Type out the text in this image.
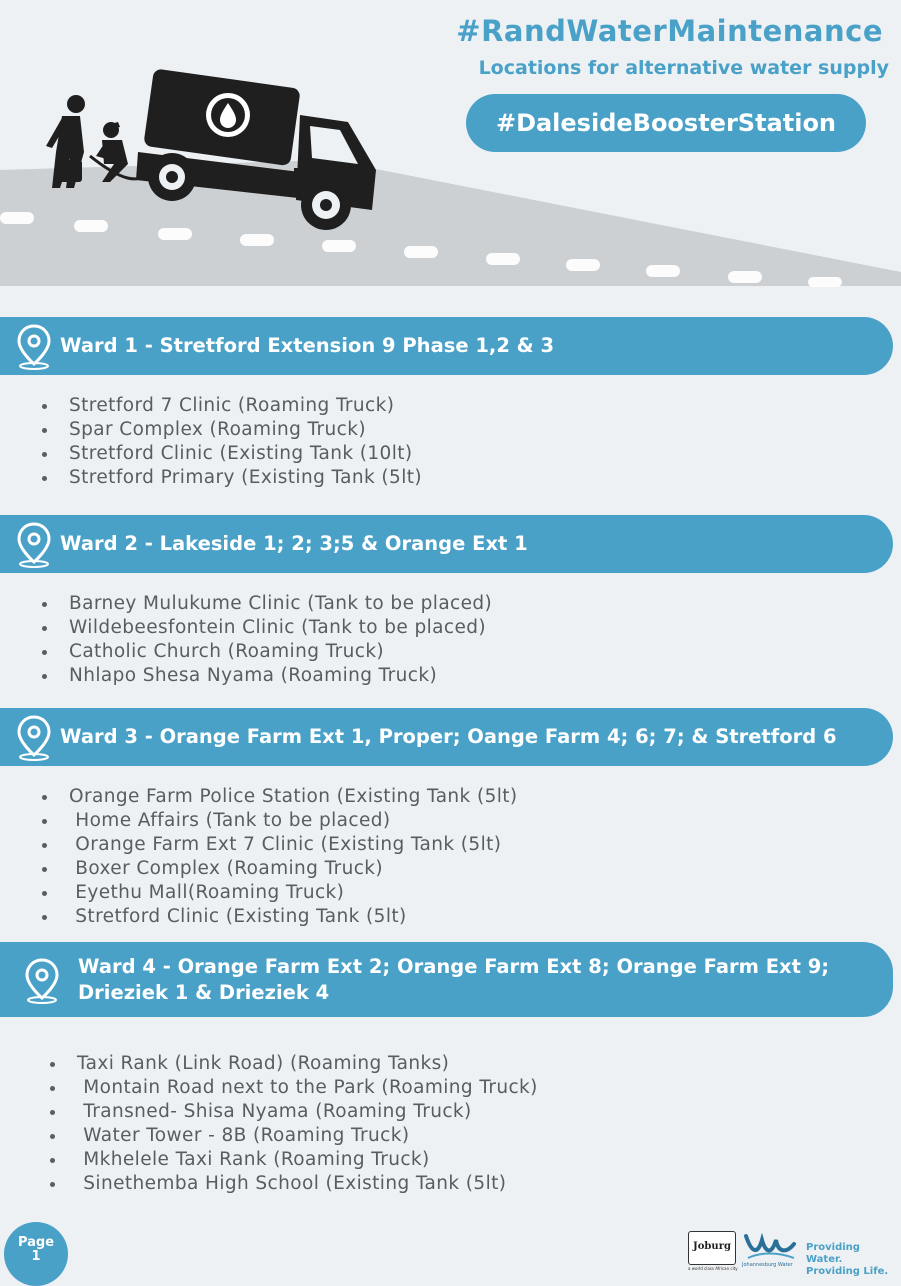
#RandWaterMaintenance
Locations for alternative water supply
#DalesideBoosterStation
Ward 1 - Stretford Extension 9 Phase 1,2 & 3
Stretford 7 Clinic (Roaming Truck)
Spar Complex (Roaming Truck)
Stretford Clinic (Existing Tank (10lt)
Stretford Primary (Existing Tank (5lt)
Ward 2 - Lakeside 1; 2; 3;5 & Orange Ext 1
Barney Mulukume Clinic (Tank to be placed)
Wildebeesfontein Clinic (Tank to be placed)
Catholic Church (Roaming Truck)
Nhlapo Shesa Nyama (Roaming Truck)
Ward 3 - Orange Farm Ext 1, Proper; Oange Farm 4; 6; 7; & Stretford 6
Orange Farm Police Station (Existing Tank (5lt)
Home Affairs (Tank to be placed)
Orange Farm Ext 7 Clinic (Existing Tank (5lt)
Boxer Complex (Roaming Truck)
Eyethu Mall(Roaming Truck)
Stretford Clinic (Existing Tank (5lt)
Ward 4 - Orange Farm Ext 2; Orange Farm Ext 8; Orange Farm Ext 9;
Drieziek 1 & Drieziek 4
Taxi Rank (Link Road) (Roaming Tanks)
Montain Road next to the Park (Roaming Truck)
Transned- Shisa Nyama (Roaming Truck)
Water Tower - 8B (Roaming Truck)
Mkhelele Taxi Rank (Roaming Truck)
Sinethemba High School (Existing Tank (5lt)
Page
1
Joburg
a world class African city
Johannesburg Water
Providing Water.
Providing Life.
